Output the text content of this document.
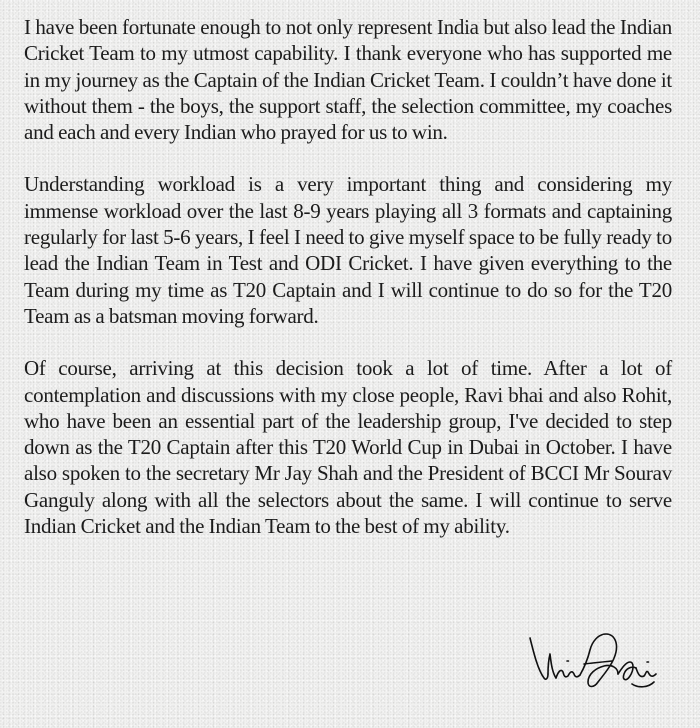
I have been fortunate enough to not only represent India but also lead the Indian Cricket Team to my utmost capability. I thank everyone who has supported me in my journey as the Captain of the Indian Cricket Team. I couldn’t have done it without them - the boys, the support staff, the selection committee, my coaches and each and every Indian who prayed for us to win.

Understanding workload is a very important thing and considering my immense workload over the last 8-9 years playing all 3 formats and captaining regularly for last 5-6 years, I feel I need to give myself space to be fully ready to lead the Indian Team in Test and ODI Cricket. I have given everything to the Team during my time as T20 Captain and I will continue to do so for the T20 Team as a batsman moving forward.

Of course, arriving at this decision took a lot of time. After a lot of contemplation and discussions with my close people, Ravi bhai and also Rohit, who have been an essential part of the leadership group, I've decided to step down as the T20 Captain after this T20 World Cup in Dubai in October. I have also spoken to the secretary Mr Jay Shah and the President of BCCI Mr Sourav Ganguly along with all the selectors about the same. I will continue to serve Indian Cricket and the Indian Team to the best of my ability.
